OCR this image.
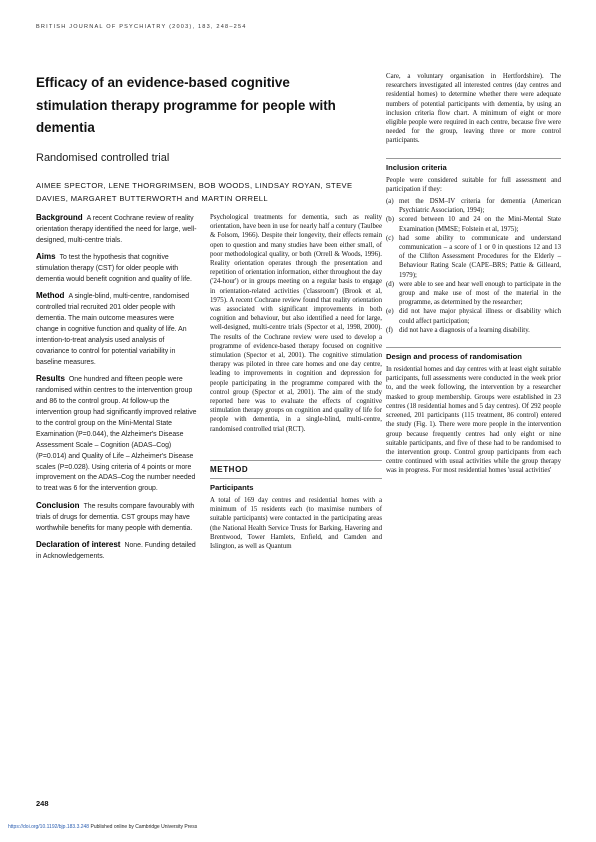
BRITISH JOURNAL OF PSYCHIATRY (2003), 183, 248–254
Efficacy of an evidence-based cognitive stimulation therapy programme for people with dementia
Randomised controlled trial
AIMEE SPECTOR, LENE THORGRIMSEN, BOB WOODS, LINDSAY ROYAN, STEVE DAVIES, MARGARET BUTTERWORTH and MARTIN ORRELL

Background A recent Cochrane review of reality orientation therapy identified the need for large, well-designed, multi-centre trials.

Aims To test the hypothesis that cognitive stimulation therapy (CST) for older people with dementia would benefit cognition and quality of life.

Method A single-blind, multi-centre, randomised controlled trial recruited 201 older people with dementia. The main outcome measures were change in cognitive function and quality of life. An intention-to-treat analysis used analysis of covariance to control for potential variability in baseline measures.

Results One hundred and fifteen people were randomised within centres to the intervention group and 86 to the control group. At follow-up the intervention group had significantly improved relative to the control group on the Mini-Mental State Examination (P=0.044), the Alzheimer's Disease Assessment Scale – Cognition (ADAS–Cog) (P=0.014) and Quality of Life – Alzheimer's Disease scales (P=0.028). Using criteria of 4 points or more improvement on the ADAS–Cog the number needed to treat was 6 for the intervention group.

Conclusion The results compare favourably with trials of drugs for dementia. CST groups may have worthwhile benefits for many people with dementia.

Declaration of interest None. Funding detailed in Acknowledgements.

Psychological treatments for dementia, such as reality orientation, have been in use for nearly half a century (Taulbee & Folsom, 1966). Despite their longevity, their effects remain open to question and many studies have been either small, of poor methodological quality, or both (Orrell & Woods, 1996). Reality orientation operates through the presentation and repetition of orientation information, either throughout the day ('24-hour') or in groups meeting on a regular basis to engage in orientation-related activities ('classroom') (Brook et al, 1975). A recent Cochrane review found that reality orientation was associated with significant improvements in both cognition and behaviour, but also identified a need for large, well-designed, multi-centre trials (Spector et al, 1998, 2000). The results of the Cochrane review were used to develop a programme of evidence-based therapy focused on cognitive stimulation (Spector et al, 2001). The cognitive stimulation therapy was piloted in three care homes and one day centre, leading to improvements in cognition and depression for people participating in the programme compared with the control group (Spector et al, 2001). The aim of the study reported here was to evaluate the effects of cognitive stimulation therapy groups on cognition and quality of life for people with dementia, in a single-blind, multi-centre, randomised controlled trial (RCT).

METHOD
Participants

A total of 169 day centres and residential homes with a minimum of 15 residents each (to maximise numbers of suitable participants) were contacted in the participating areas (the National Health Service Trusts for Barking, Havering and Brentwood, Tower Hamlets, Enfield, and Camden and Islington, as well as Quantum

Care, a voluntary organisation in Hertfordshire). The researchers investigated all interested centres (day centres and residential homes) to determine whether there were adequate numbers of potential participants with dementia, by using an inclusion criteria flow chart. A minimum of eight or more eligible people were required in each centre, because five were needed for the group, leaving three or more control participants.

Inclusion criteria

People were considered suitable for full assessment and participation if they:

(a) met the DSM–IV criteria for dementia (American Psychiatric Association, 1994);
(b) scored between 10 and 24 on the Mini-Mental State Examination (MMSE; Folstein et al, 1975);
(c) had some ability to communicate and understand communication – a score of 1 or 0 in questions 12 and 13 of the Clifton Assessment Procedures for the Elderly – Behaviour Rating Scale (CAPE–BRS; Pattie & Gilleard, 1979);
(d) were able to see and hear well enough to participate in the group and make use of most of the material in the programme, as determined by the researcher;
(e) did not have major physical illness or disability which could affect participation;
(f) did not have a diagnosis of a learning disability.
Design and process of randomisation

In residential homes and day centres with at least eight suitable participants, full assessments were conducted in the week prior to, and the week following, the intervention by a researcher masked to group membership. Groups were established in 23 centres (18 residential homes and 5 day centres). Of 292 people screened, 201 participants (115 treatment, 86 control) entered the study (Fig. 1). There were more people in the intervention group because frequently centres had only eight or nine suitable participants, and five of these had to be randomised to the intervention group. Control group participants from each centre continued with usual activities while the group therapy was in progress. For most residential homes 'usual activities'

248
https://doi.org/10.1192/bjp.183.3.248 Published online by Cambridge University Press
